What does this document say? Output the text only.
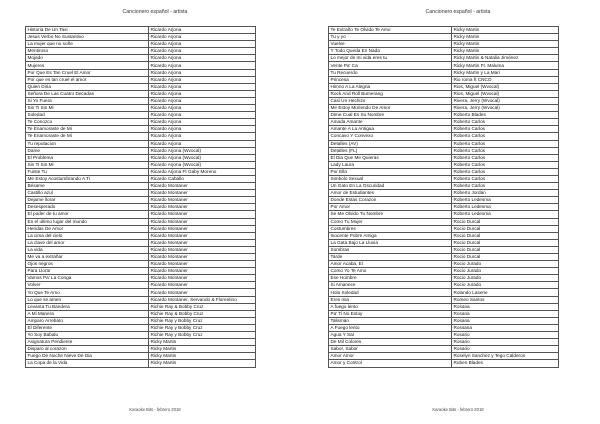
Cancionero español - artista
Historia De Un Taxi	Ricardo Arjona
Jesus Verbo No Sustantivo	Ricardo Arjona
La mujer que no soñe	Ricardo Arjona
Mentiroso	Ricardo Arjona
Mojado	Ricardo Arjona
Mujeres	Ricardo Arjona
Por Que Es Tan Cruel El Amor	Ricardo Arjona
Por que es tan cruel el amor	Ricardo Arjona
Quien Diria	Ricardo Arjona
Señora De Las Cuatro Decadas	Ricardo Arjona
Si Yo Fuera	Ricardo Arjona
Sin Ti Sin Mi	Ricardo Arjona
Soledad	Ricardo Arjona
Te Conozco	Ricardo Arjona
Te Enamoraste de Mi	Ricardo Arjona
Te Enamoraste de Mi	Ricardo Arjona
Tu reputacion	Ricardo Arjona
Dame	Ricardo Arjona (Wvocal)
El Problema	Ricardo Arjona (Wvocal)
Sin Ti Sin Mi	Ricardo Arjona (Wvocal)
Fuiste Tu	Ricardo Arjona Ft Gaby Moreno
Me Estoy Acostumbrando A Ti	Ricardo Caballo
Bésame	Ricardo Montaner
Castillo azul	Ricardo Montaner
Dejame llorar	Ricardo Montaner
Desesperado	Ricardo Montaner
El poder de tu amor	Ricardo Montaner
En el ultimo lugar del mundo	Ricardo Montaner
Heridas De Amor	Ricardo Montaner
La cima del cielo	Ricardo Montaner
La clave del amor	Ricardo Montaner
La vida	Ricardo Montaner
Me va a extrañar	Ricardo Montaner
Ojos negros	Ricardo Montaner
Para Llorar	Ricardo Montaner
Vamos Pa' La Conga	Ricardo Montaner
Volver	Ricardo Montaner
Yo Que Te Amo	Ricardo Montaner
Lo que se amen	Ricardo Montaner, Servando & Florentino
Levanta Tu Bandera	Richie Ray & Bobby Cruz
A Mi Manera	Richie Ray & Bobby Cruz
Amparo Arrebato	Richie Ray y Bobby Cruz
El Diferente	Richie Ray y Bobby Cruz
Yo Soy Babalu	Richie Ray y Bobby Cruz
Asignatura Pendiente	Ricky Martin
Disparo al corazon	Ricky Martin
Fuego De Noche Nieve De Dia	Ricky Martin
La Copa de la Vida	Ricky Martin
Karaoke Bits - febrero 2018
Cancionero español - artista
Te Extraño Te Olvido Te Amo	Ricky Martin
Tu y yo	Ricky Martin
Vuelve	Ricky Martin
Y Todo Queda En Nada	Ricky Martin
Lo mejor de mi vida eres tu	Ricky Martin & Natalia Jiménez
Vente Pa' Ca	Ricky Martin Ft. Maluma
Tu Recuerdo	Ricky Martin y La Mari
Princesa	Rio roma ft CNCO
Himno A La Alegria	Rios, Miguel (Wvocal)
Rock And Roll Bumerang	Rios, Miguel (Wvocal)
Casi Un Hechizo	Rivera, Jerry (Wvocal)
Me Estoy Muriendo De Amor	Rivera, Jerry (Wvocal)
Dime Cual Es Su Nombre	Roberto Blades
Amada Amante	Roberto Carlos
Amante A La Antigua	Roberto Carlos
Concavo Y Convexo	Roberto Carlos
Detalles (AV)	Roberto Carlos
Detalles (FL)	Roberto Carlos
El Dia Que Me Quieras	Roberto Carlos
Lady Laura	Roberto Carlos
Por Ella	Roberto Carlos
Simbolo Sexual	Roberto Carlos
Un Gato En La Oscuridad	Roberto Carlos
Amor de Estudiantes	Roberto Jordan
Donde Estas Corazon	Roberto Ledesma
Por Amor	Roberto Ledesma
Se Me Olvido Tu Nombre	Roberto Ledesma
Como Tu Mujer	Rocio Durcal
Costumbres	Rocio Durcal
Inocente Pobre Amiga	Rocio Durcal
La Gata Bajo La Lluvia	Rocio Durcal
Sombras	Rocio Durcal
Tarde	Rocio Durcal
Amor Acaba, El	Rocio Jurado
Como Yo Te Amo	Rocio Jurado
Ese Hombre	Rocio Jurado
Si Amanece	Rocio Jurado
Hola Soledad	Rolando Laserie
Eres mia	Romeo Santos
A fuego lento	Rosana
Pa' Ti No Estoy	Rosana
Talisman	Rosana
A Fuego lento	Rossana
Agua Y Sal	Rosario
De Mil Colores	Rosario
Sabor, Sabor	Rosario
Amor Amor	Roselyn Sanchez y Tego Calderon
Amor y Control	Ruben Blades
Karaoke Bits - febrero 2018
